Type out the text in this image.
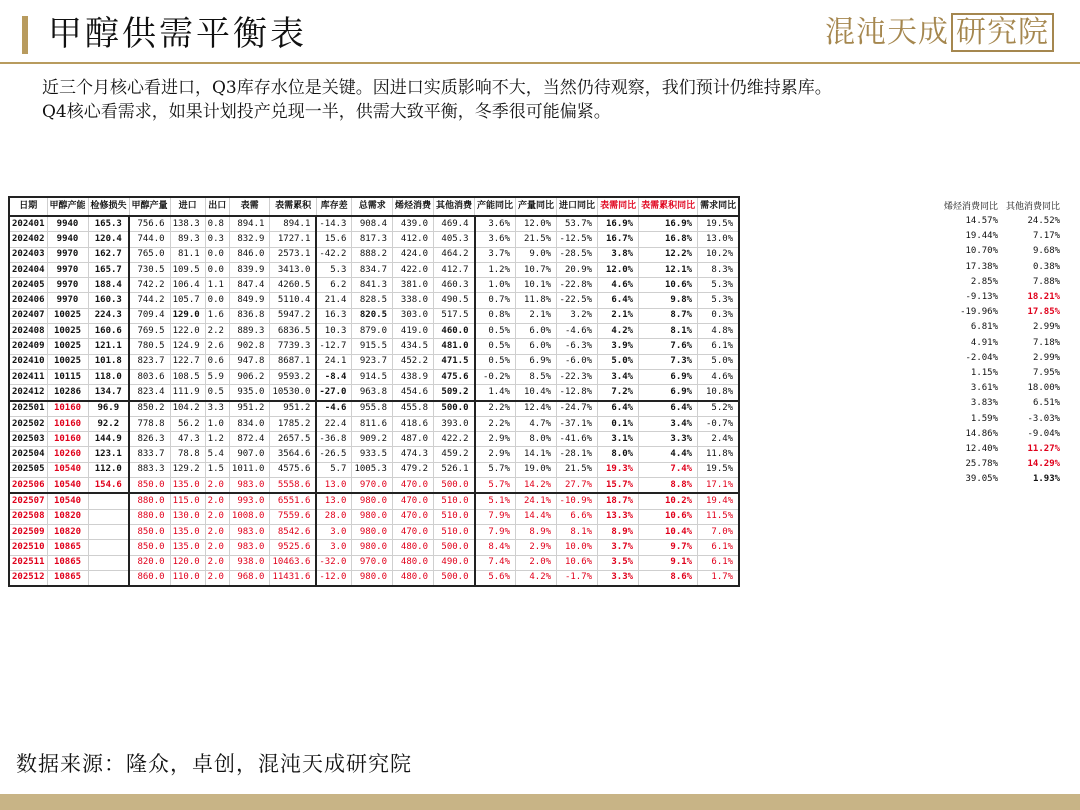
甲醇供需平衡表	混沌天成 研究院

近三个月核心看进口，Q3库存水位是关键。因进口实质影响不大，当然仍待观察，我们预计仍维持累库。

Q4核心看需求，如果计划投产兑现一半，供需大致平衡，冬季很可能偏紧。

日期	甲醇产能	检修损失	甲醇产量	进口	出口	表需	表需累积	库存差	总需求	烯烃消费	其他消费	产能同比	产量同比	进口同比	表需同比	表需累积同比	需求同比
202401	9940	165.3	756.6	138.3	0.8	894.1	894.1	-14.3	908.4	439.0	469.4	3.6%	12.0%	53.7%	16.9%	16.9%	19.5%
202402	9940	120.4	744.0	89.3	0.3	832.9	1727.1	15.6	817.3	412.0	405.3	3.6%	21.5%	-12.5%	16.7%	16.8%	13.0%
202403	9970	162.7	765.0	81.1	0.0	846.0	2573.1	-42.2	888.2	424.0	464.2	3.7%	9.0%	-28.5%	3.8%	12.2%	10.2%
202404	9970	165.7	730.5	109.5	0.0	839.9	3413.0	5.3	834.7	422.0	412.7	1.2%	10.7%	20.9%	12.0%	12.1%	8.3%
202405	9970	188.4	742.2	106.4	1.1	847.4	4260.5	6.2	841.3	381.0	460.3	1.0%	10.1%	-22.8%	4.6%	10.6%	5.3%
202406	9970	160.3	744.2	105.7	0.0	849.9	5110.4	21.4	828.5	338.0	490.5	0.7%	11.8%	-22.5%	6.4%	9.8%	5.3%
202407	10025	224.3	709.4	129.0	1.6	836.8	5947.2	16.3	820.5	303.0	517.5	0.8%	2.1%	3.2%	2.1%	8.7%	0.3%
202408	10025	160.6	769.5	122.0	2.2	889.3	6836.5	10.3	879.0	419.0	460.0	0.5%	6.0%	-4.6%	4.2%	8.1%	4.8%
202409	10025	121.1	780.5	124.9	2.6	902.8	7739.3	-12.7	915.5	434.5	481.0	0.5%	6.0%	-6.3%	3.9%	7.6%	6.1%
202410	10025	101.8	823.7	122.7	0.6	947.8	8687.1	24.1	923.7	452.2	471.5	0.5%	6.9%	-6.0%	5.0%	7.3%	5.0%
202411	10115	118.0	803.6	108.5	5.9	906.2	9593.2	-8.4	914.5	438.9	475.6	-0.2%	8.5%	-22.3%	3.4%	6.9%	4.6%
202412	10286	134.7	823.4	111.9	0.5	935.0	10530.0	-27.0	963.8	454.6	509.2	1.4%	10.4%	-12.8%	7.2%	6.9%	10.8%
202501	10160	96.9	850.2	104.2	3.3	951.2	951.2	-4.6	955.8	455.8	500.0	2.2%	12.4%	-24.7%	6.4%	6.4%	5.2%
202502	10160	92.2	778.8	56.2	1.0	834.0	1785.2	22.4	811.6	418.6	393.0	2.2%	4.7%	-37.1%	0.1%	3.4%	-0.7%
202503	10160	144.9	826.3	47.3	1.2	872.4	2657.5	-36.8	909.2	487.0	422.2	2.9%	8.0%	-41.6%	3.1%	3.3%	2.4%
202504	10260	123.1	833.7	78.8	5.4	907.0	3564.6	-26.5	933.5	474.3	459.2	2.9%	14.1%	-28.1%	8.0%	4.4%	11.8%
202505	10540	112.0	883.3	129.2	1.5	1011.0	4575.6	5.7	1005.3	479.2	526.1	5.7%	19.0%	21.5%	19.3%	7.4%	19.5%
202506	10540	154.6	850.0	135.0	2.0	983.0	5558.6	13.0	970.0	470.0	500.0	5.7%	14.2%	27.7%	15.7%	8.8%	17.1%
202507	10540		880.0	115.0	2.0	993.0	6551.6	13.0	980.0	470.0	510.0	5.1%	24.1%	-10.9%	18.7%	10.2%	19.4%
202508	10820		880.0	130.0	2.0	1008.0	7559.6	28.0	980.0	470.0	510.0	7.9%	14.4%	6.6%	13.3%	10.6%	11.5%
202509	10820		850.0	135.0	2.0	983.0	8542.6	3.0	980.0	470.0	510.0	7.9%	8.9%	8.1%	8.9%	10.4%	7.0%
202510	10865		850.0	135.0	2.0	983.0	9525.6	3.0	980.0	480.0	500.0	8.4%	2.9%	10.0%	3.7%	9.7%	6.1%
202511	10865		820.0	120.0	2.0	938.0	10463.6	-32.0	970.0	480.0	490.0	7.4%	2.0%	10.6%	3.5%	9.1%	6.1%
202512	10865		860.0	110.0	2.0	968.0	11431.6	-12.0	980.0	480.0	500.0	5.6%	4.2%	-1.7%	3.3%	8.6%	1.7%
烯烃消费同比	其他消费同比
14.57%	24.52%
19.44%	7.17%
10.70%	9.68%
17.38%	0.38%
2.85%	7.88%
-9.13%	18.21%
-19.96%	17.85%
6.81%	2.99%
4.91%	7.18%
-2.04%	2.99%
1.15%	7.95%
3.61%	18.00%
3.83%	6.51%
1.59%	-3.03%
14.86%	-9.04%
12.40%	11.27%
25.78%	14.29%
39.05%	1.93%
数据来源：隆众，卓创，混沌天成研究院
